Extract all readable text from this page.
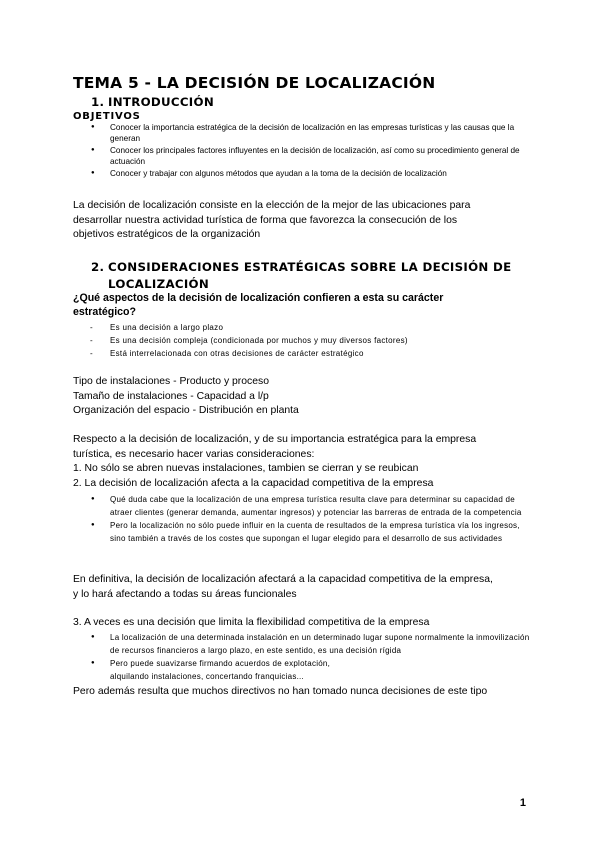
TEMA 5 - LA DECISIÓN DE LOCALIZACIÓN
1. INTRODUCCIÓN
OBJETIVOS
● Conocer la importancia estratégica de la decisión de localización en las empresas turísticas y las causas que la generan
● Conocer los principales factores influyentes en la decisión de localización, así como su procedimiento general de actuación
● Conocer y trabajar con algunos métodos que ayudan a la toma de la decisión de localización
La decisión de localización consiste en la elección de la mejor de las ubicaciones para
desarrollar nuestra actividad turística de forma que favorezca la consecución de los
objetivos estratégicos de la organización
2. CONSIDERACIONES ESTRATÉGICAS SOBRE LA DECISIÓN DE
LOCALIZACIÓN
¿Qué aspectos de la decisión de localización confieren a esta su carácter estratégico?
- Es una decisión a largo plazo
- Es una decisión compleja (condicionada por muchos y muy diversos factores)
- Está interrelacionada con otras decisiones de carácter estratégico
Tipo de instalaciones - Producto y proceso
Tamaño de instalaciones - Capacidad a l/p
Organización del espacio - Distribución en planta
Respecto a la decisión de localización, y de su importancia estratégica para la empresa
turística, es necesario hacer varias consideraciones:
1. No sólo se abren nuevas instalaciones, tambien se cierran y se reubican
2. La decisión de localización afecta a la capacidad competitiva de la empresa
● Qué duda cabe que la localización de una empresa turística resulta clave para determinar su capacidad de atraer clientes (generar demanda, aumentar ingresos) y potenciar las barreras de entrada de la competencia
● Pero la localización no sólo puede influir en la cuenta de resultados de la empresa turística vía los ingresos, sino también a través de los costes que supongan el lugar elegido para el desarrollo de sus actividades
En definitiva, la decisión de localización afectará a la capacidad competitiva de la empresa,
y lo hará afectando a todas su áreas funcionales
3. A veces es una decisión que limita la flexibilidad competitiva de la empresa
● La localización de una determinada instalación en un determinado lugar supone normalmente la inmovilización de recursos financieros a largo plazo, en este sentido, es una decisión rígida
● Pero puede suavizarse firmando acuerdos de explotación, alquilando instalaciones, concertando franquicias...
Pero además resulta que muchos directivos no han tomado nunca decisiones de este tipo
1
